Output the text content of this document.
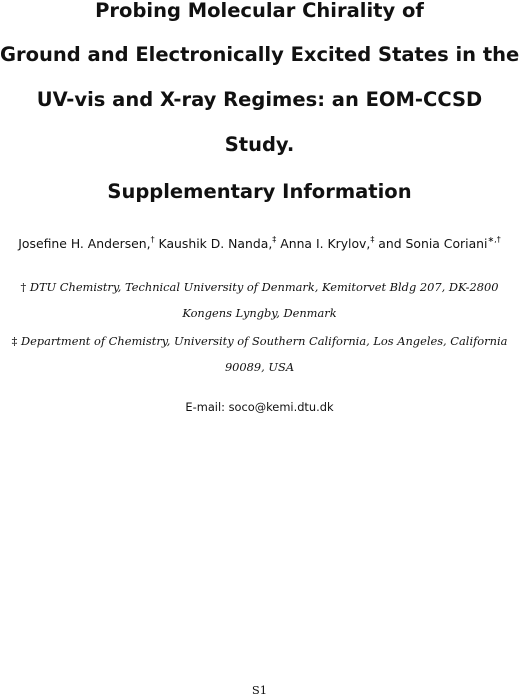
Probing Molecular Chirality of
Ground and Electronically Excited States in the
UV-vis and X-ray Regimes: an EOM-CCSD
Study.
Supplementary Information
Josefine H. Andersen,† Kaushik D. Nanda,‡ Anna I. Krylov,‡ and Sonia Coriani∗,†
† DTU Chemistry, Technical University of Denmark, Kemitorvet Bldg 207, DK-2800
Kongens Lyngby, Denmark
‡ Department of Chemistry, University of Southern California, Los Angeles, California
90089, USA
E-mail: soco@kemi.dtu.dk
S1
